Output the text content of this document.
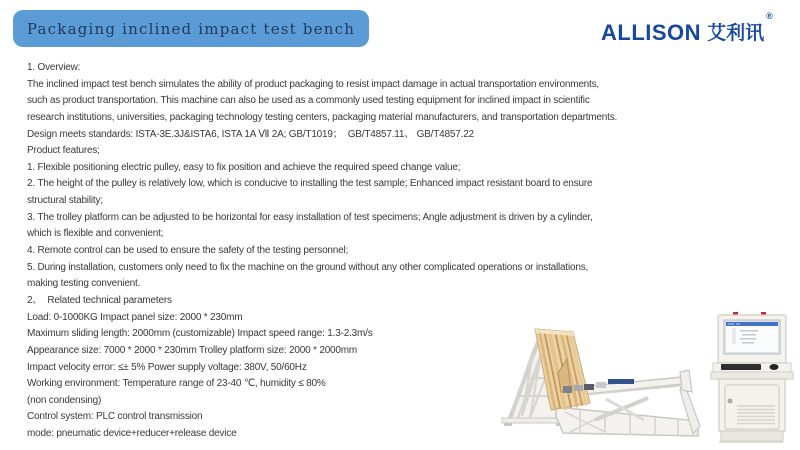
Packaging inclined impact test bench	ALLISON 艾利讯
®
1. Overview:
The inclined impact test bench simulates the ability of product packaging to resist impact damage in actual transportation environments,
such as product transportation. This machine can also be used as a commonly used testing equipment for inclined impact in scientific
research institutions, universities, packaging technology testing centers, packaging material manufacturers, and transportation departments.
Design meets standards: ISTA-3E.3J&ISTA6, ISTA 1A Ⅶ 2A; GB/T1019；  GB/T4857.11、 GB/T4857.22
Product features;
1. Flexible positioning electric pulley, easy to fix position and achieve the required speed change value;
2. The height of the pulley is relatively low, which is conducive to installing the test sample; Enhanced impact resistant board to ensure
structural stability;
3. The trolley platform can be adjusted to be horizontal for easy installation of test specimens; Angle adjustment is driven by a cylinder,
which is flexible and convenient;
4. Remote control can be used to ensure the safety of the testing personnel;
5. During installation, customers only need to fix the machine on the ground without any other complicated operations or installations,
making testing convenient.
2、  Related technical parameters
Load: 0-1000KG Impact panel size: 2000 * 230mm
Maximum sliding length: 2000mm (customizable) Impact speed range: 1.3-2.3m/s
Appearance size: 7000 * 2000 * 230mm Trolley platform size: 2000 * 2000mm
Impact velocity error: ≤± 5% Power supply voltage: 380V, 50/60Hz
Working environment: Temperature range of 23-40 ℃, humidity ≤ 80%
(non condensing)
Control system: PLC control transmission
mode: pneumatic device+reducer+release device
